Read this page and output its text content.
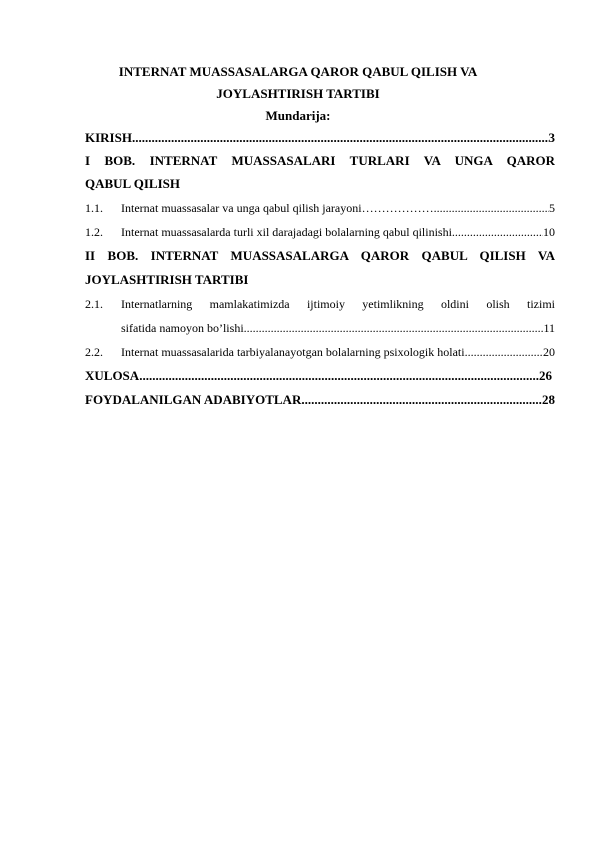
INTERNAT MUASSASALARGA QAROR QABUL QILISH VA
JOYLASHTIRISH TARTIBI
Mundarija:
KIRISH .....	3
I BOB. INTERNAT MUASSASALARI TURLARI VA UNGA QAROR
QABUL QILISH
1.1.	Internat muassasalar va unga qabul qilish jarayoni……………… .....	5
1.2.	Internat muassasalarda turli xil darajadagi bolalarning qabul qilinishi .....	10
II BOB. INTERNAT MUASSASALARGA QAROR QABUL QILISH VA
JOYLASHTIRISH TARTIBI
2.1.	Internatlarning mamlakatimizda ijtimoiy yetimlikning oldini olish tizimi
sifatida namoyon bo’lishi .....	11
2.2.	Internat muassasalarida tarbiyalanayotgan bolalarning psixologik holati .....	20
XULOSA .....	26
FOYDALANILGAN ADABIYOTLAR .....	28
